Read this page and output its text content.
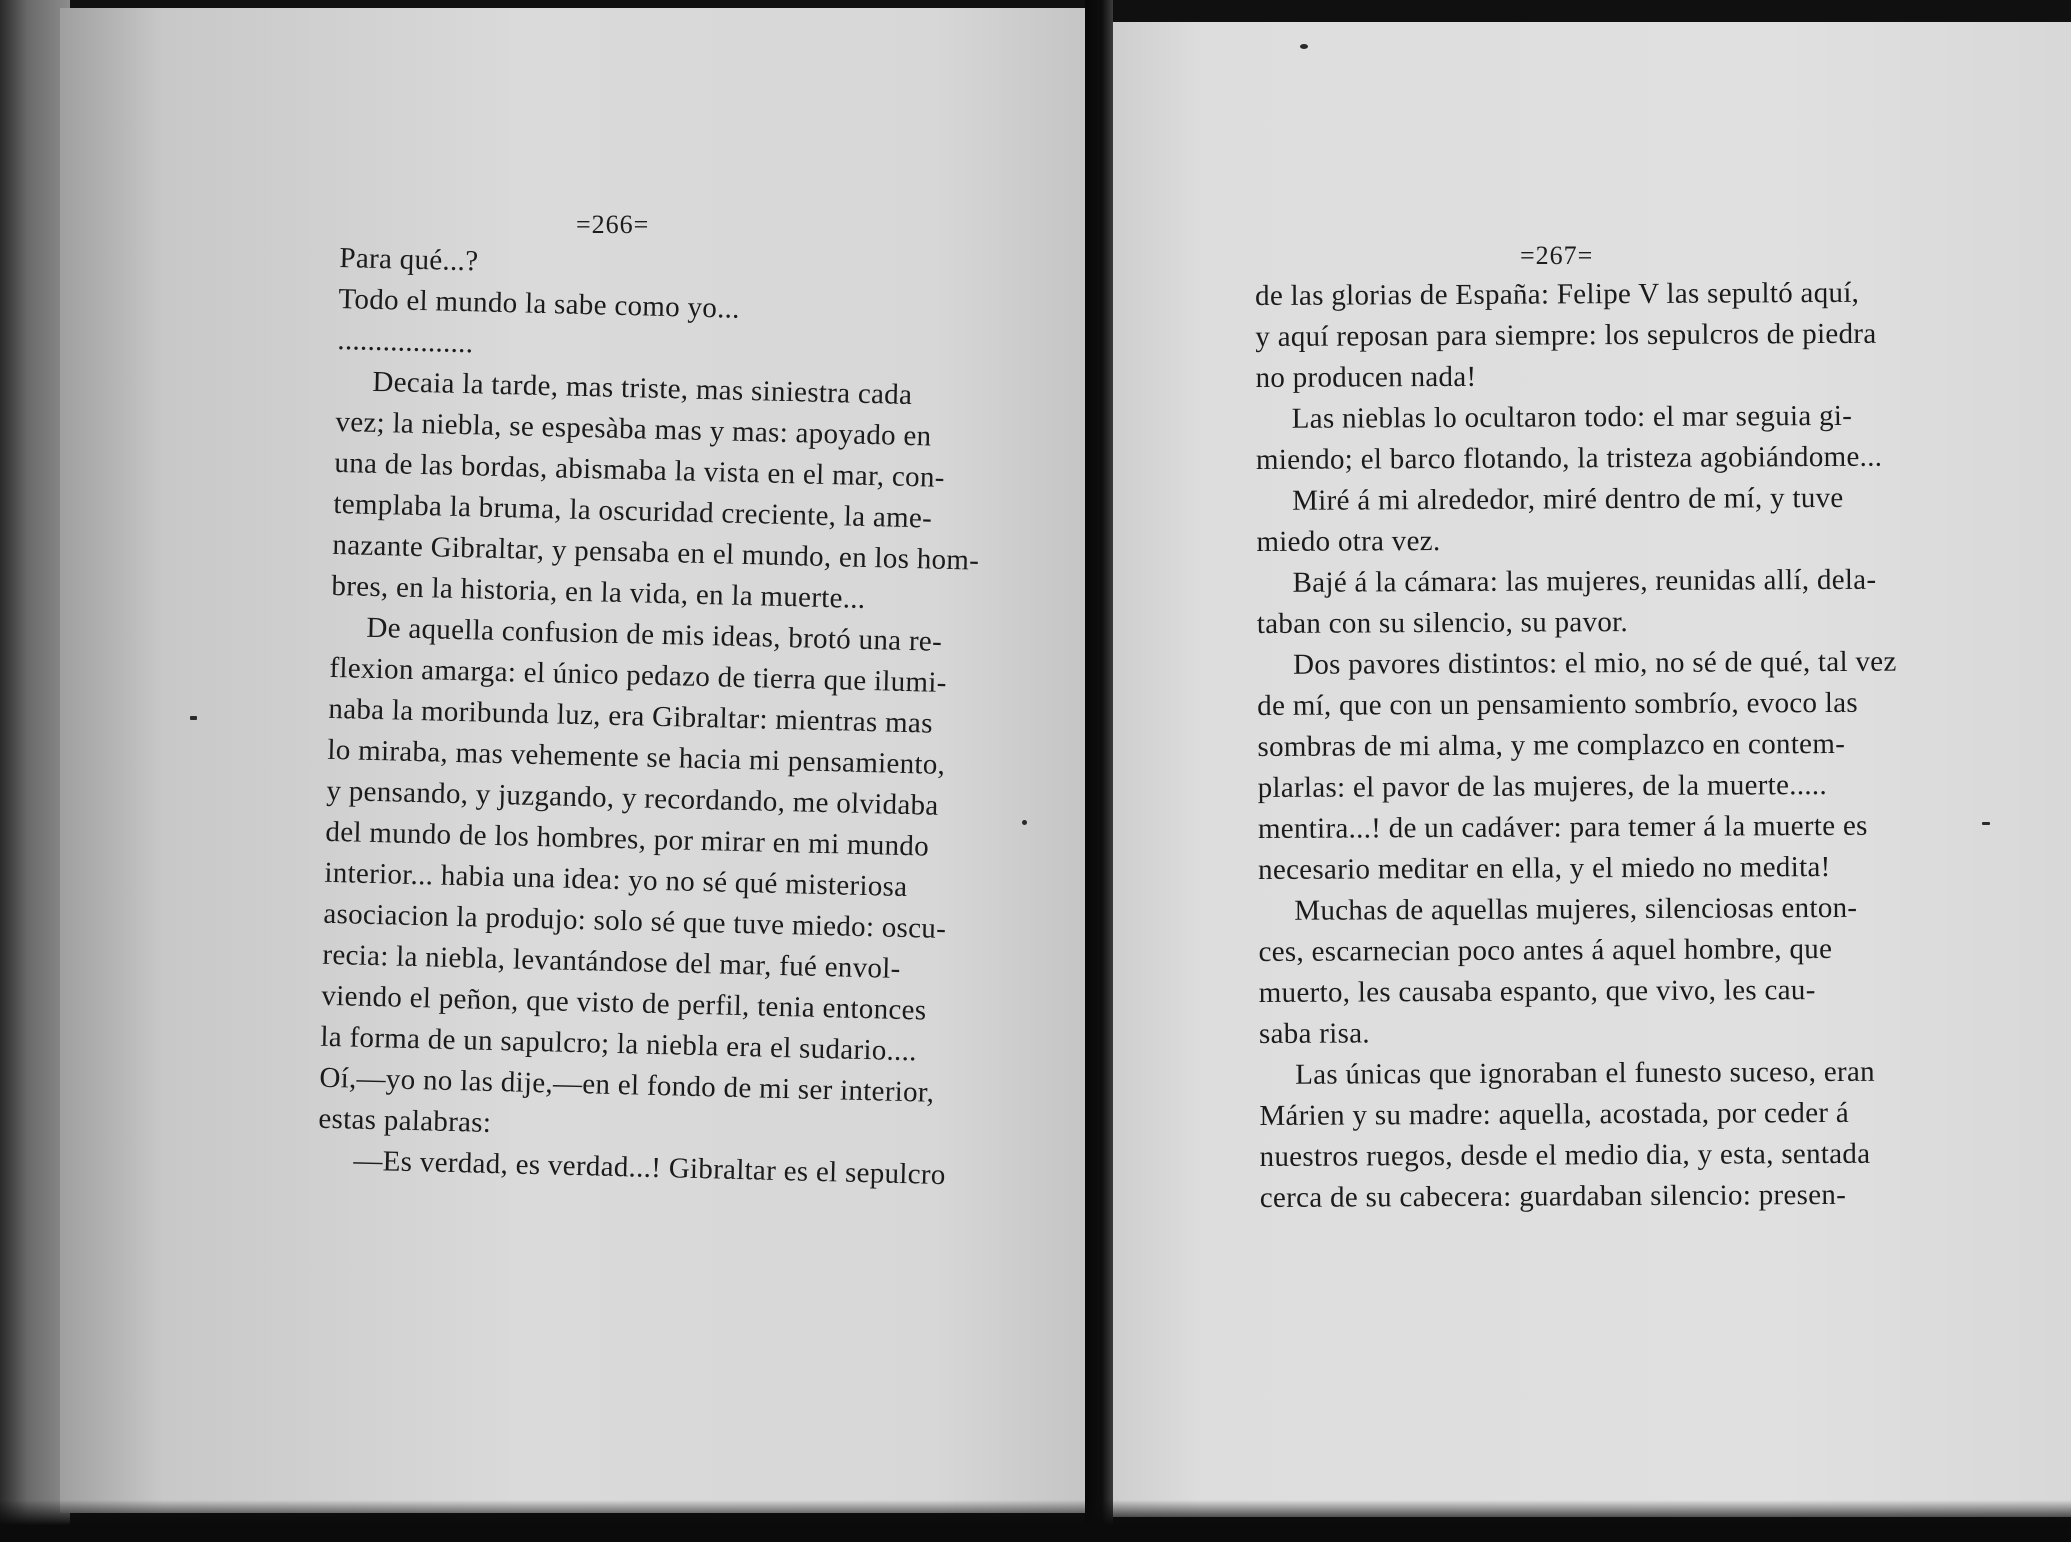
=266=
=267=
Para qué...?
Todo el mundo la sabe como yo...
..................
Decaia la tarde, mas triste, mas siniestra cada
vez; la niebla, se espesàba mas y mas: apoyado en
una de las bordas, abismaba la vista en el mar, con-
templaba la bruma, la oscuridad creciente, la ame-
nazante Gibraltar, y pensaba en el mundo, en los hom-
bres, en la historia, en la vida, en la muerte...
De aquella confusion de mis ideas, brotó una re-
flexion amarga: el único pedazo de tierra que ilumi-
naba la moribunda luz, era Gibraltar: mientras mas
lo miraba, mas vehemente se hacia mi pensamiento,
y pensando, y juzgando, y recordando, me olvidaba
del mundo de los hombres, por mirar en mi mundo
interior... habia una idea: yo no sé qué misteriosa
asociacion la produjo: solo sé que tuve miedo: oscu-
recia: la niebla, levantándose del mar, fué envol-
viendo el peñon, que visto de perfil, tenia entonces
la forma de un sapulcro; la niebla era el sudario....
Oí,—yo no las dije,—en el fondo de mi ser interior,
estas palabras:
—Es verdad, es verdad...! Gibraltar es el sepulcro
de las glorias de España: Felipe V las sepultó aquí,
y aquí reposan para siempre: los sepulcros de piedra
no producen nada!
Las nieblas lo ocultaron todo: el mar seguia gi-
miendo; el barco flotando, la tristeza agobiándome...
Miré á mi alrededor, miré dentro de mí, y tuve
miedo otra vez.
Bajé á la cámara: las mujeres, reunidas allí, dela-
taban con su silencio, su pavor.
Dos pavores distintos: el mio, no sé de qué, tal vez
de mí, que con un pensamiento sombrío, evoco las
sombras de mi alma, y me complazco en contem-
plarlas: el pavor de las mujeres, de la muerte.....
mentira...! de un cadáver: para temer á la muerte es
necesario meditar en ella, y el miedo no medita!
Muchas de aquellas mujeres, silenciosas enton-
ces, escarnecian poco antes á aquel hombre, que
muerto, les causaba espanto, que vivo, les cau-
saba risa.
Las únicas que ignoraban el funesto suceso, eran
Márien y su madre: aquella, acostada, por ceder á
nuestros ruegos, desde el medio dia, y esta, sentada
cerca de su cabecera: guardaban silencio: presen-
